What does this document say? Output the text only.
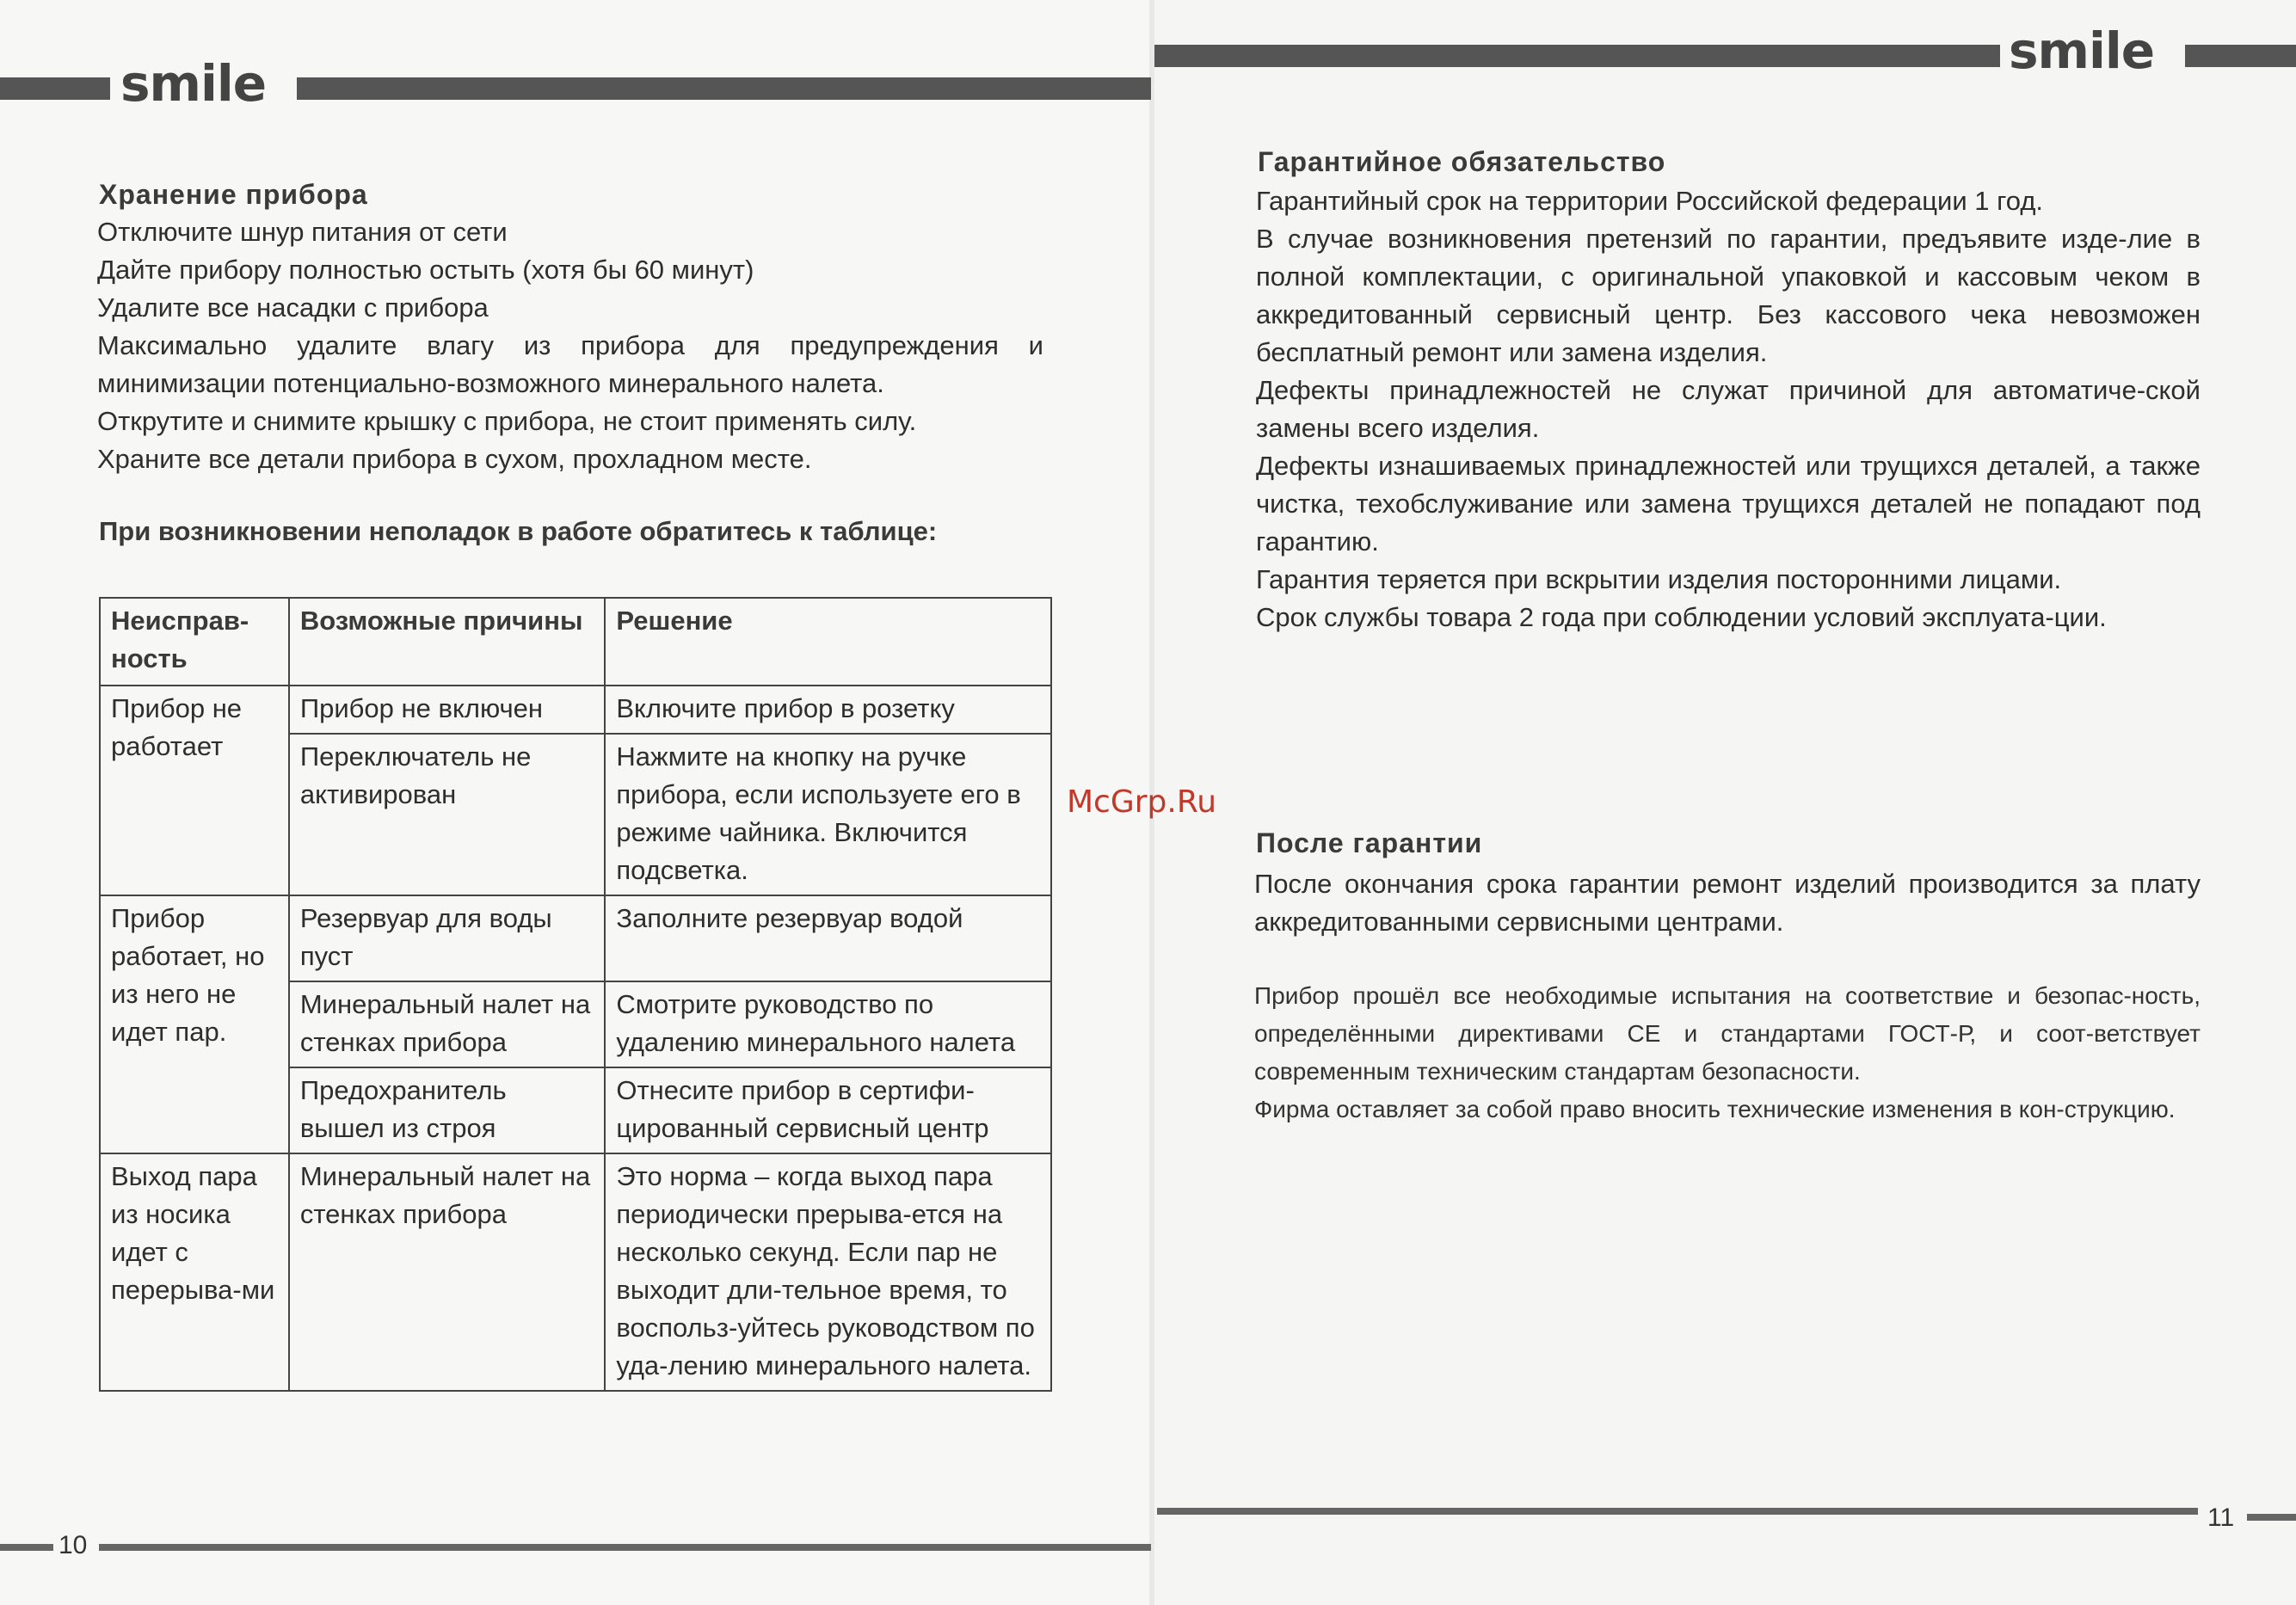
smile
smile
Хранение прибора

Отключите шнур питания от сети

Дайте прибору полностью остыть (хотя бы 60 минут)

Удалите все насадки с прибора

Максимально удалите влагу из прибора для предупреждения и минимизации потенциально-возможного минерального налета.

Открутите и снимите крышку с прибора, не стоит применять силу.

Храните все детали прибора в сухом, прохладном месте.

При возникновении неполадок в работе обратитесь к таблице:
Неисправ-ность	Возможные причины	Решение
Прибор не работает	Прибор не включен	Включите прибор в розетку
	Переключатель не активирован	Нажмите на кнопку на ручке прибора, если используете его в режиме чайника. Включится подсветка.
Прибор работает, но из него не идет пар.	Резервуар для воды пуст	Заполните резервуар водой
	Минеральный налет на стенках прибора	Смотрите руководство по удалению минерального налета
	Предохранитель вышел из строя	Отнесите прибор в сертифи-цированный сервисный центр
Выход пара из носика идет с перерыва-ми	Минеральный налет на стенках прибора	Это норма – когда выход пара периодически прерыва-ется на несколько секунд. Если пар не выходит дли-тельное время, то воспольз-уйтесь руководством по уда-лению минерального налета.
10
Гарантийное обязательство

Гарантийный срок на территории Российской федерации 1 год.

В случае возникновения претензий по гарантии, предъявите изде-лие в полной комплектации, с оригинальной упаковкой и кассовым чеком в аккредитованный сервисный центр. Без кассового чека невозможен бесплатный ремонт или замена изделия.

Дефекты принадлежностей не служат причиной для автоматиче-ской замены всего изделия.

Дефекты изнашиваемых принадлежностей или трущихся деталей, а также чистка, техобслуживание или замена трущихся деталей не попадают под гарантию.

Гарантия теряется при вскрытии изделия посторонними лицами.

Срок службы товара 2 года при соблюдении условий эксплуата-ции.

McGrp.Ru
После гарантии

После окончания срока гарантии ремонт изделий производится за плату аккредитованными сервисными центрами.

Прибор прошёл все необходимые испытания на соответствие и безопас-ность, определёнными директивами CE и стандартами ГОСТ-Р, и соот-ветствует современным техническим стандартам безопасности.

Фирма оставляет за собой право вносить технические изменения в кон-струкцию.

11
